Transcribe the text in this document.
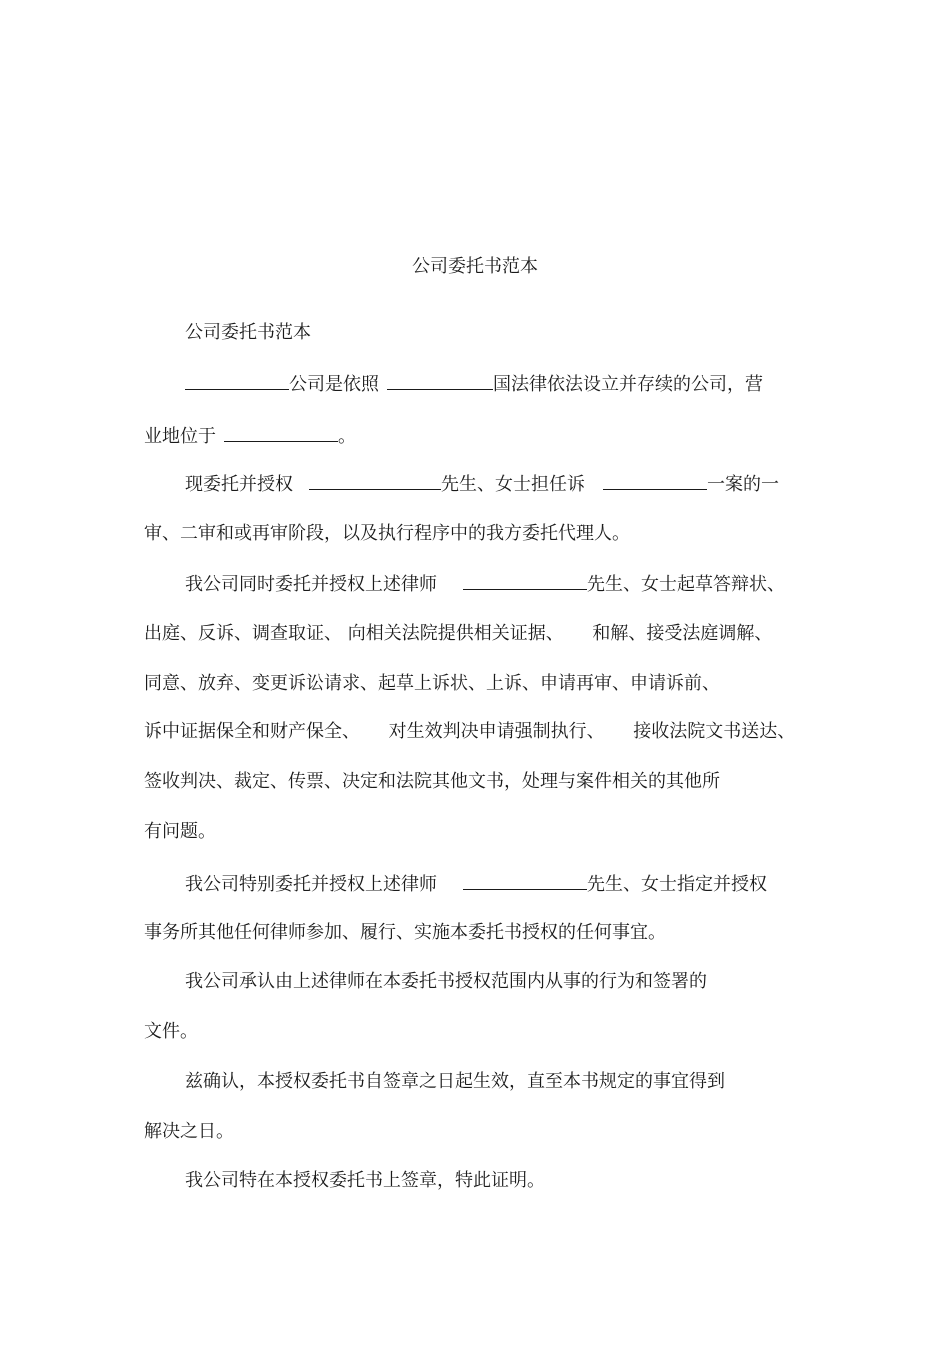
公司委托书范本
公司委托书范本
公司是依照	国法律依法设立并存续的公司，营
业地位于	。
现委托并授权	先生、女士担任诉	一案的一
审、二审和或再审阶段，以及执行程序中的我方委托代理人。
我公司同时委托并授权上述律师	先生、女士起草答辩状、
出庭、反诉、调查取证、 向相关法院提供相关证据、     和解、接受法庭调解、
同意、放弃、变更诉讼请求、起草上诉状、上诉、申请再审、申请诉前、
诉中证据保全和财产保全、     对生效判决申请强制执行、     接收法院文书送达、
签收判决、裁定、传票、决定和法院其他文书，处理与案件相关的其他所
有问题。
我公司特别委托并授权上述律师	先生、女士指定并授权
事务所其他任何律师参加、履行、实施本委托书授权的任何事宜。
我公司承认由上述律师在本委托书授权范围内从事的行为和签署的
文件。
兹确认，本授权委托书自签章之日起生效，直至本书规定的事宜得到
解决之日。
我公司特在本授权委托书上签章，特此证明。
